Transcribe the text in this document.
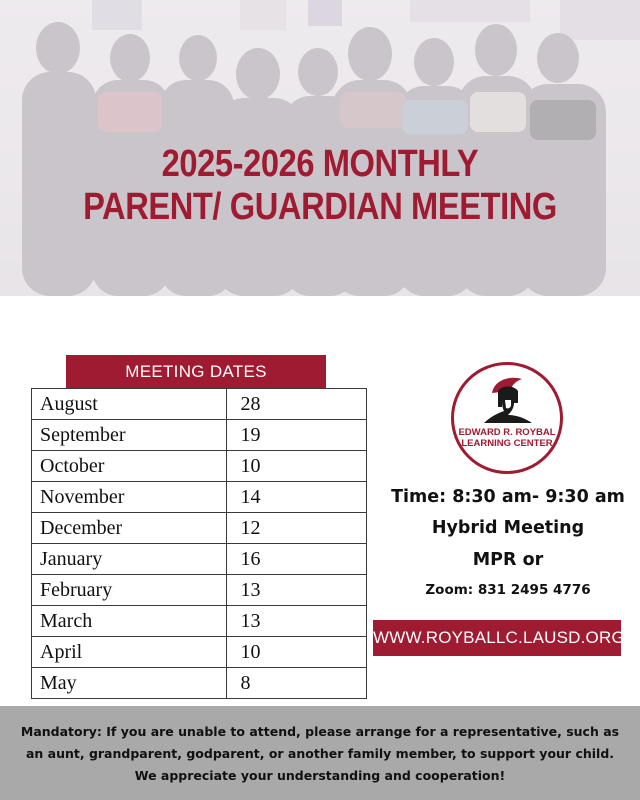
2025-2026 MONTHLY
PARENT/ GUARDIAN MEETING
MEETING DATES
August	28
September	19
October	10
November	14
December	12
January	16
February	13
March	13
April	10
May	8
EDWARD R. ROYBAL
LEARNING CENTER
Time: 8:30 am- 9:30 am
Hybrid Meeting
MPR or
Zoom: 831 2495 4776
WWW.ROYBALLC.LAUSD.ORG

Mandatory: If you are unable to attend, please arrange for a representative, such as an aunt, grandparent, godparent, or another family member, to support your child. We appreciate your understanding and cooperation!
